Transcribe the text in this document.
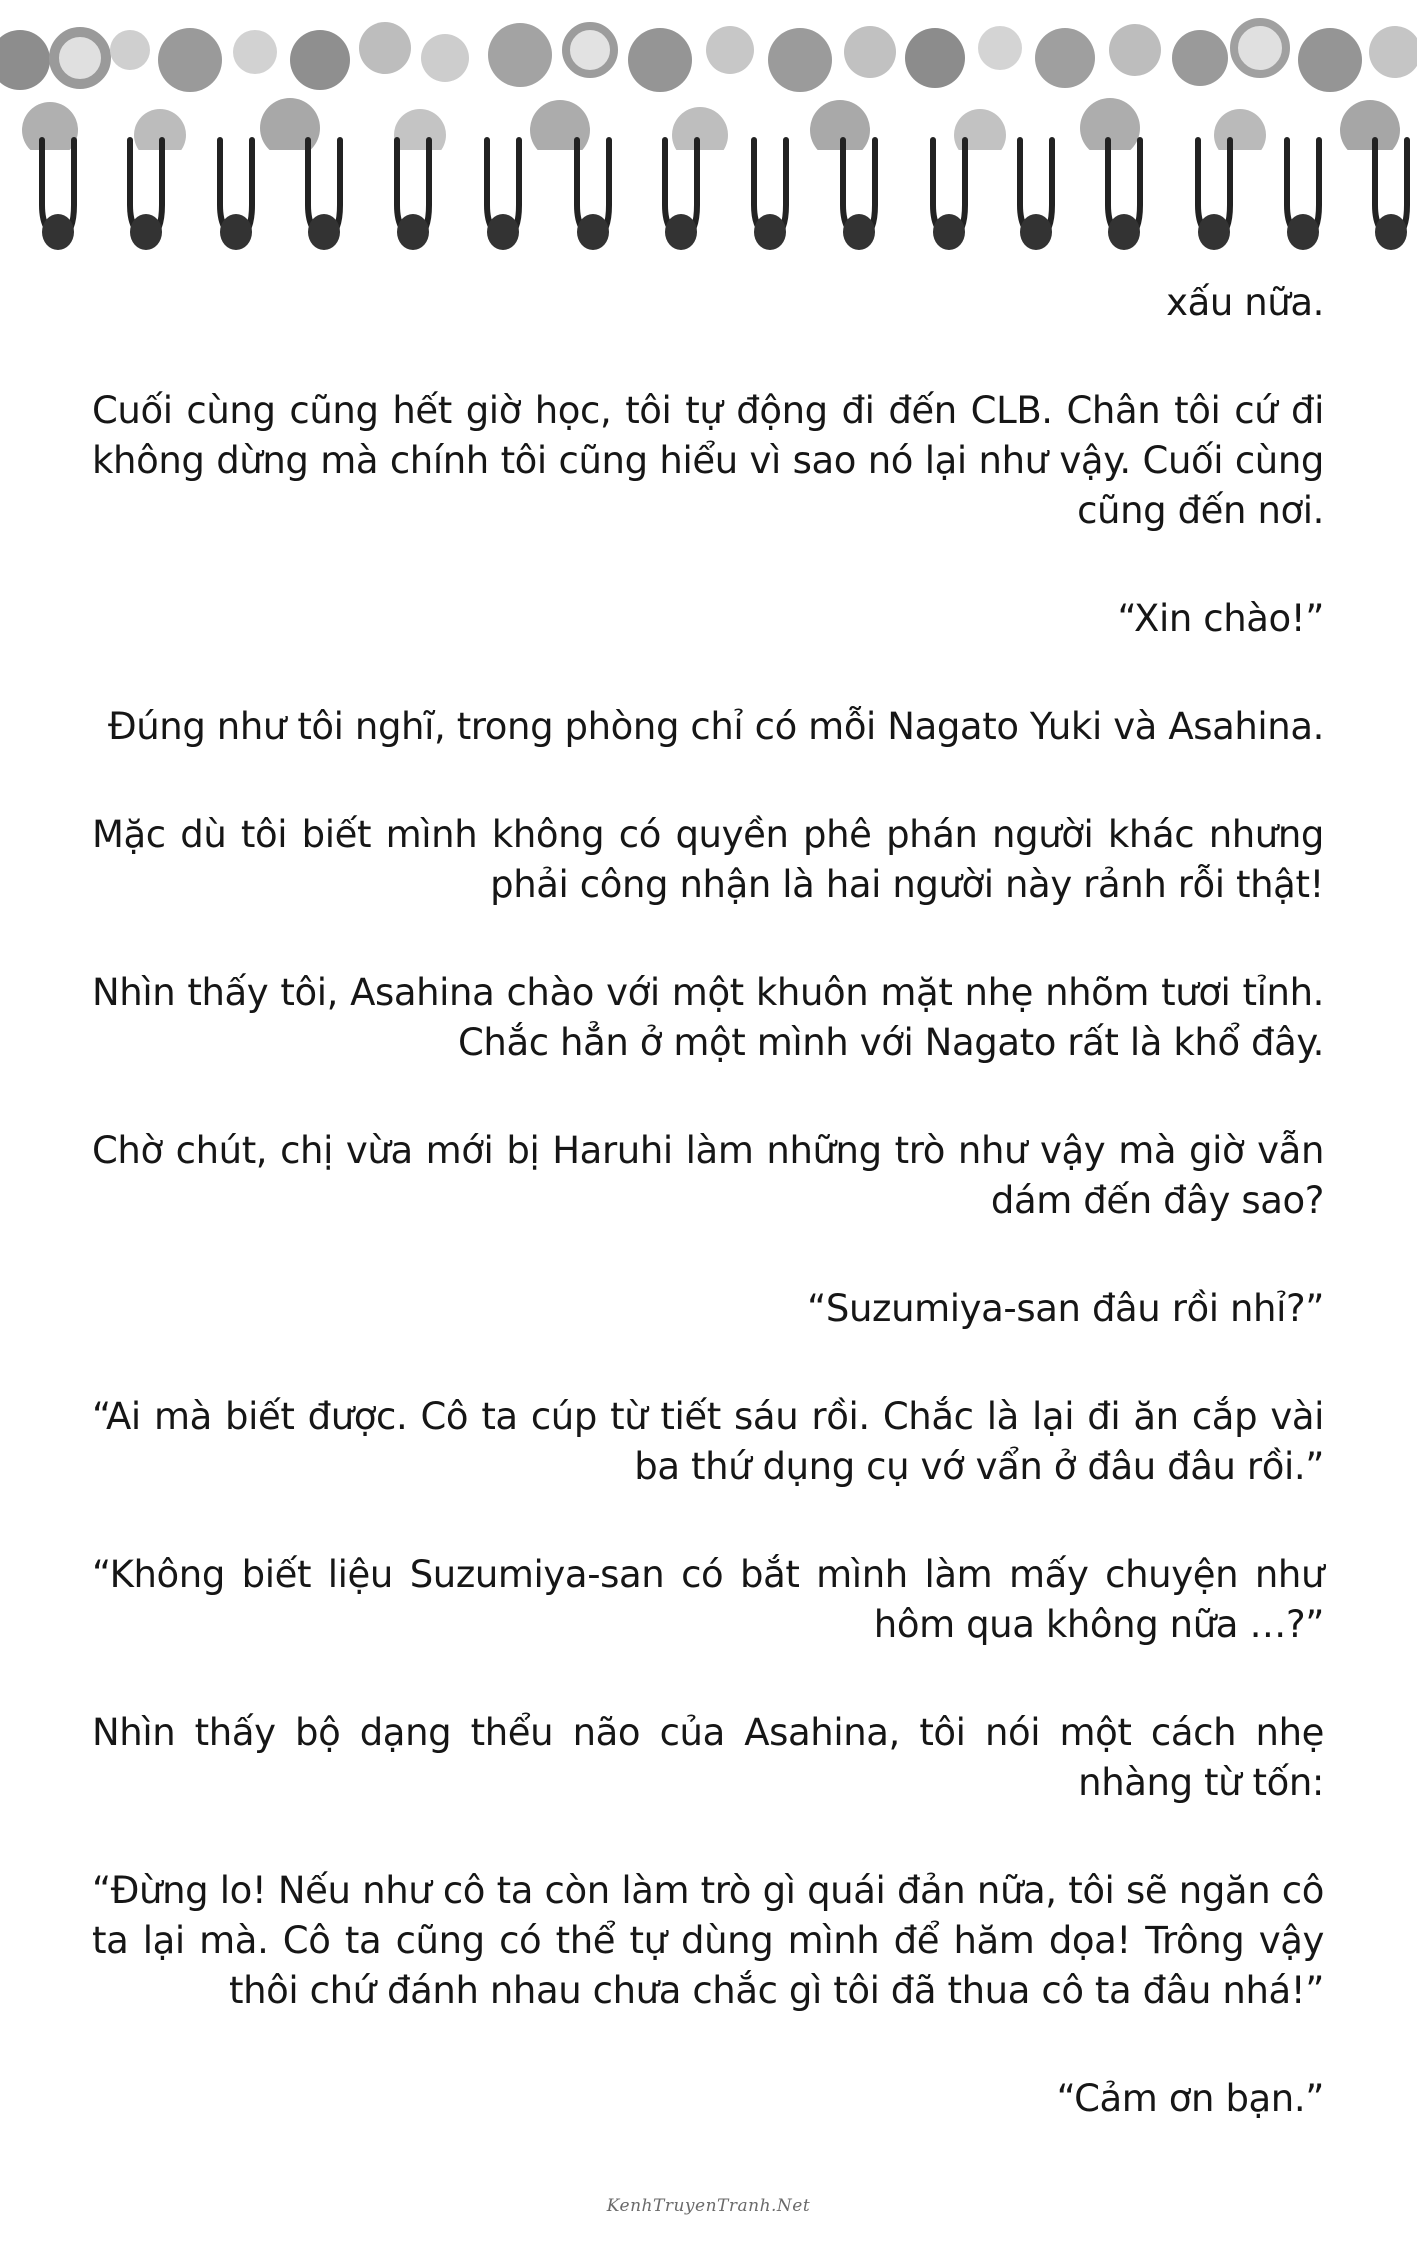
xấu nữa.

Cuối cùng cũng hết giờ học, tôi tự động đi đến CLB. Chân tôi cứ đi không dừng mà chính tôi cũng hiểu vì sao nó lại như vậy. Cuối cùng cũng đến nơi.

“Xin chào!”

Đúng như tôi nghĩ, trong phòng chỉ có mỗi Nagato Yuki và Asahina.

Mặc dù tôi biết mình không có quyền phê phán người khác nhưng phải công nhận là hai người này rảnh rỗi thật!

Nhìn thấy tôi, Asahina chào với một khuôn mặt nhẹ nhõm tươi tỉnh. Chắc hẳn ở một mình với Nagato rất là khổ đây.

Chờ chút, chị vừa mới bị Haruhi làm những trò như vậy mà giờ vẫn dám đến đây sao?

“Suzumiya-san đâu rồi nhỉ?”

“Ai mà biết được. Cô ta cúp từ tiết sáu rồi. Chắc là lại đi ăn cắp vài ba thứ dụng cụ vớ vẩn ở đâu đâu rồi.”

“Không biết liệu Suzumiya-san có bắt mình làm mấy chuyện như hôm qua không nữa …?”

Nhìn thấy bộ dạng thểu não của Asahina, tôi nói một cách nhẹ nhàng từ tốn:

“Đừng lo! Nếu như cô ta còn làm trò gì quái đản nữa, tôi sẽ ngăn cô ta lại mà. Cô ta cũng có thể tự dùng mình để hăm dọa! Trông vậy thôi chứ đánh nhau chưa chắc gì tôi đã thua cô ta đâu nhá!”

“Cảm ơn bạn.”

KenhTruyenTranh.Net
